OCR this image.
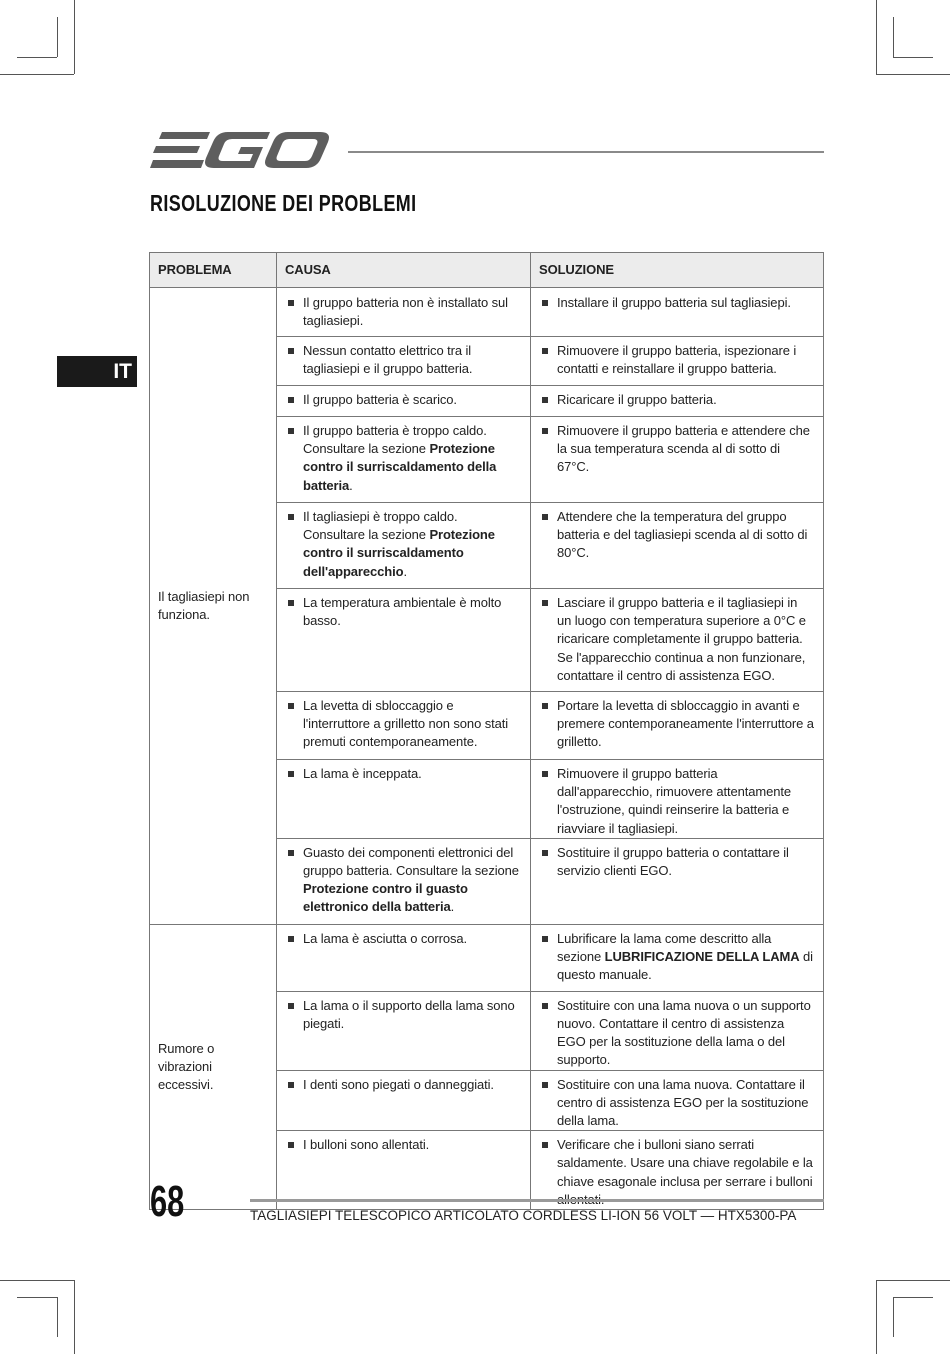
RISOLUZIONE DEI PROBLEMI
IT
PROBLEMA	CAUSA	SOLUZIONE
Il tagliasiepi non funziona.	Il gruppo batteria non è installato sul tagliasiepi.	Installare il gruppo batteria sul tagliasiepi.

	Nessun contatto elettrico tra il tagliasiepi e il gruppo batteria.	Rimuovere il gruppo batteria, ispezionare i contatti e reinstallare il gruppo batteria.

	Il gruppo batteria è scarico.	Ricaricare il gruppo batteria.

	Il gruppo batteria è troppo caldo. Consultare la sezione Protezione contro il surriscaldamento della batteria.	Rimuovere il gruppo batteria e attendere che la sua temperatura scenda al di sotto di 67°C.

	Il tagliasiepi è troppo caldo. Consultare la sezione Protezione contro il surriscaldamento dell'apparecchio.	Attendere che la temperatura del gruppo batteria e del tagliasiepi scenda al di sotto di 80°C.

	La temperatura ambientale è molto basso.	Lasciare il gruppo batteria e il tagliasiepi in un luogo con temperatura superiore a 0°C e ricaricare completamente il gruppo batteria. Se l'apparecchio continua a non funzionare, contattare il centro di assistenza EGO.

	La levetta di sbloccaggio e l'interruttore a grilletto non sono stati premuti contemporaneamente.	Portare la levetta di sbloccaggio in avanti e premere contemporaneamente l'interruttore a grilletto.

	La lama è inceppata.	Rimuovere il gruppo batteria dall'apparecchio, rimuovere attentamente l'ostruzione, quindi reinserire la batteria e riavviare il tagliasiepi.

	Guasto dei componenti elettronici del gruppo batteria. Consultare la sezione Protezione contro il guasto elettronico della batteria.	Sostituire il gruppo batteria o contattare il servizio clienti EGO.

Rumore o vibrazioni eccessivi.	La lama è asciutta o corrosa.	Lubrificare la lama come descritto alla sezione LUBRIFICAZIONE DELLA LAMA di questo manuale.

	La lama o il supporto della lama sono piegati.	Sostituire con una lama nuova o un supporto nuovo. Contattare il centro di assistenza EGO per la sostituzione della lama o del supporto.

	I denti sono piegati o danneggiati.	Sostituire con una lama nuova. Contattare il centro di assistenza EGO per la sostituzione della lama.

	I bulloni sono allentati.	Verificare che i bulloni siano serrati saldamente. Usare una chiave regolabile e la chiave esagonale inclusa per serrare i bulloni
68	TAGLIASIEPI TELESCOPICO ARTICOLATO CORDLESS LI-ION 56 VOLT — HTX5300-PA
